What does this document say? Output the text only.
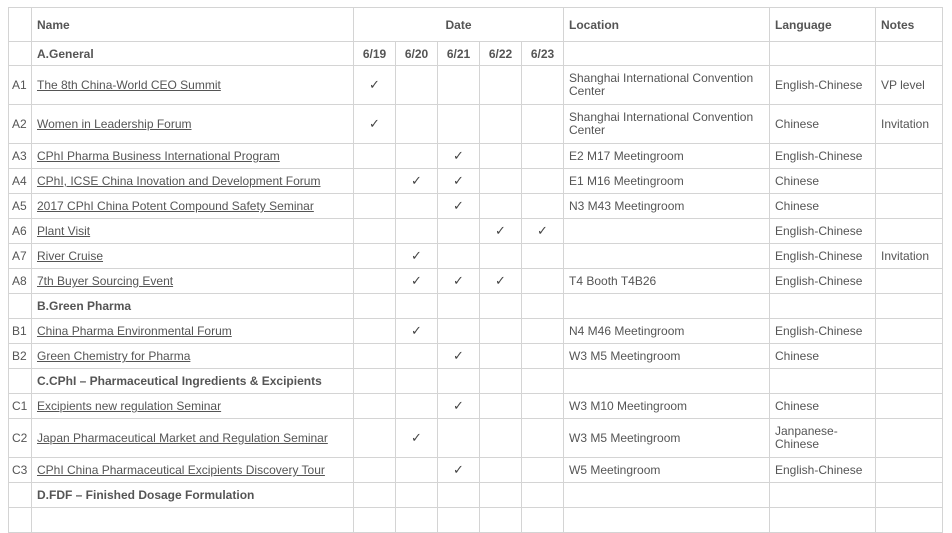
	Name	Date					Location	Language	Notes
	A.General	6/19	6/20	6/21	6/22	6/23			
A1	The 8th China-World CEO Summit	✓					Shanghai International Convention Center	English-Chinese	VP level
A2	Women in Leadership Forum	✓					Shanghai International Convention Center	Chinese	Invitation
A3	CPhI Pharma Business International Program			✓			E2 M17 Meetingroom	English-Chinese	
A4	CPhI, ICSE China Inovation and Development Forum		✓	✓			E1 M16 Meetingroom	Chinese	
A5	2017 CPhI China Potent Compound Safety Seminar			✓			N3 M43 Meetingroom	Chinese	
A6	Plant Visit				✓	✓		English-Chinese	
A7	River Cruise		✓					English-Chinese	Invitation
A8	7th Buyer Sourcing Event		✓	✓	✓		T4 Booth T4B26	English-Chinese	
	B.Green Pharma								
B1	China Pharma Environmental Forum		✓				N4 M46 Meetingroom	English-Chinese	
B2	Green Chemistry for Pharma			✓			W3 M5 Meetingroom	Chinese	
	C.CPhI – Pharmaceutical Ingredients & Excipients								
C1	Excipients new regulation Seminar			✓			W3 M10 Meetingroom	Chinese	
C2	Japan Pharmaceutical Market and Regulation Seminar		✓				W3 M5 Meetingroom	Janpanese-Chinese	
C3	CPhI China Pharmaceutical Excipients Discovery Tour			✓			W5 Meetingroom	English-Chinese	
	D.FDF – Finished Dosage Formulation								
